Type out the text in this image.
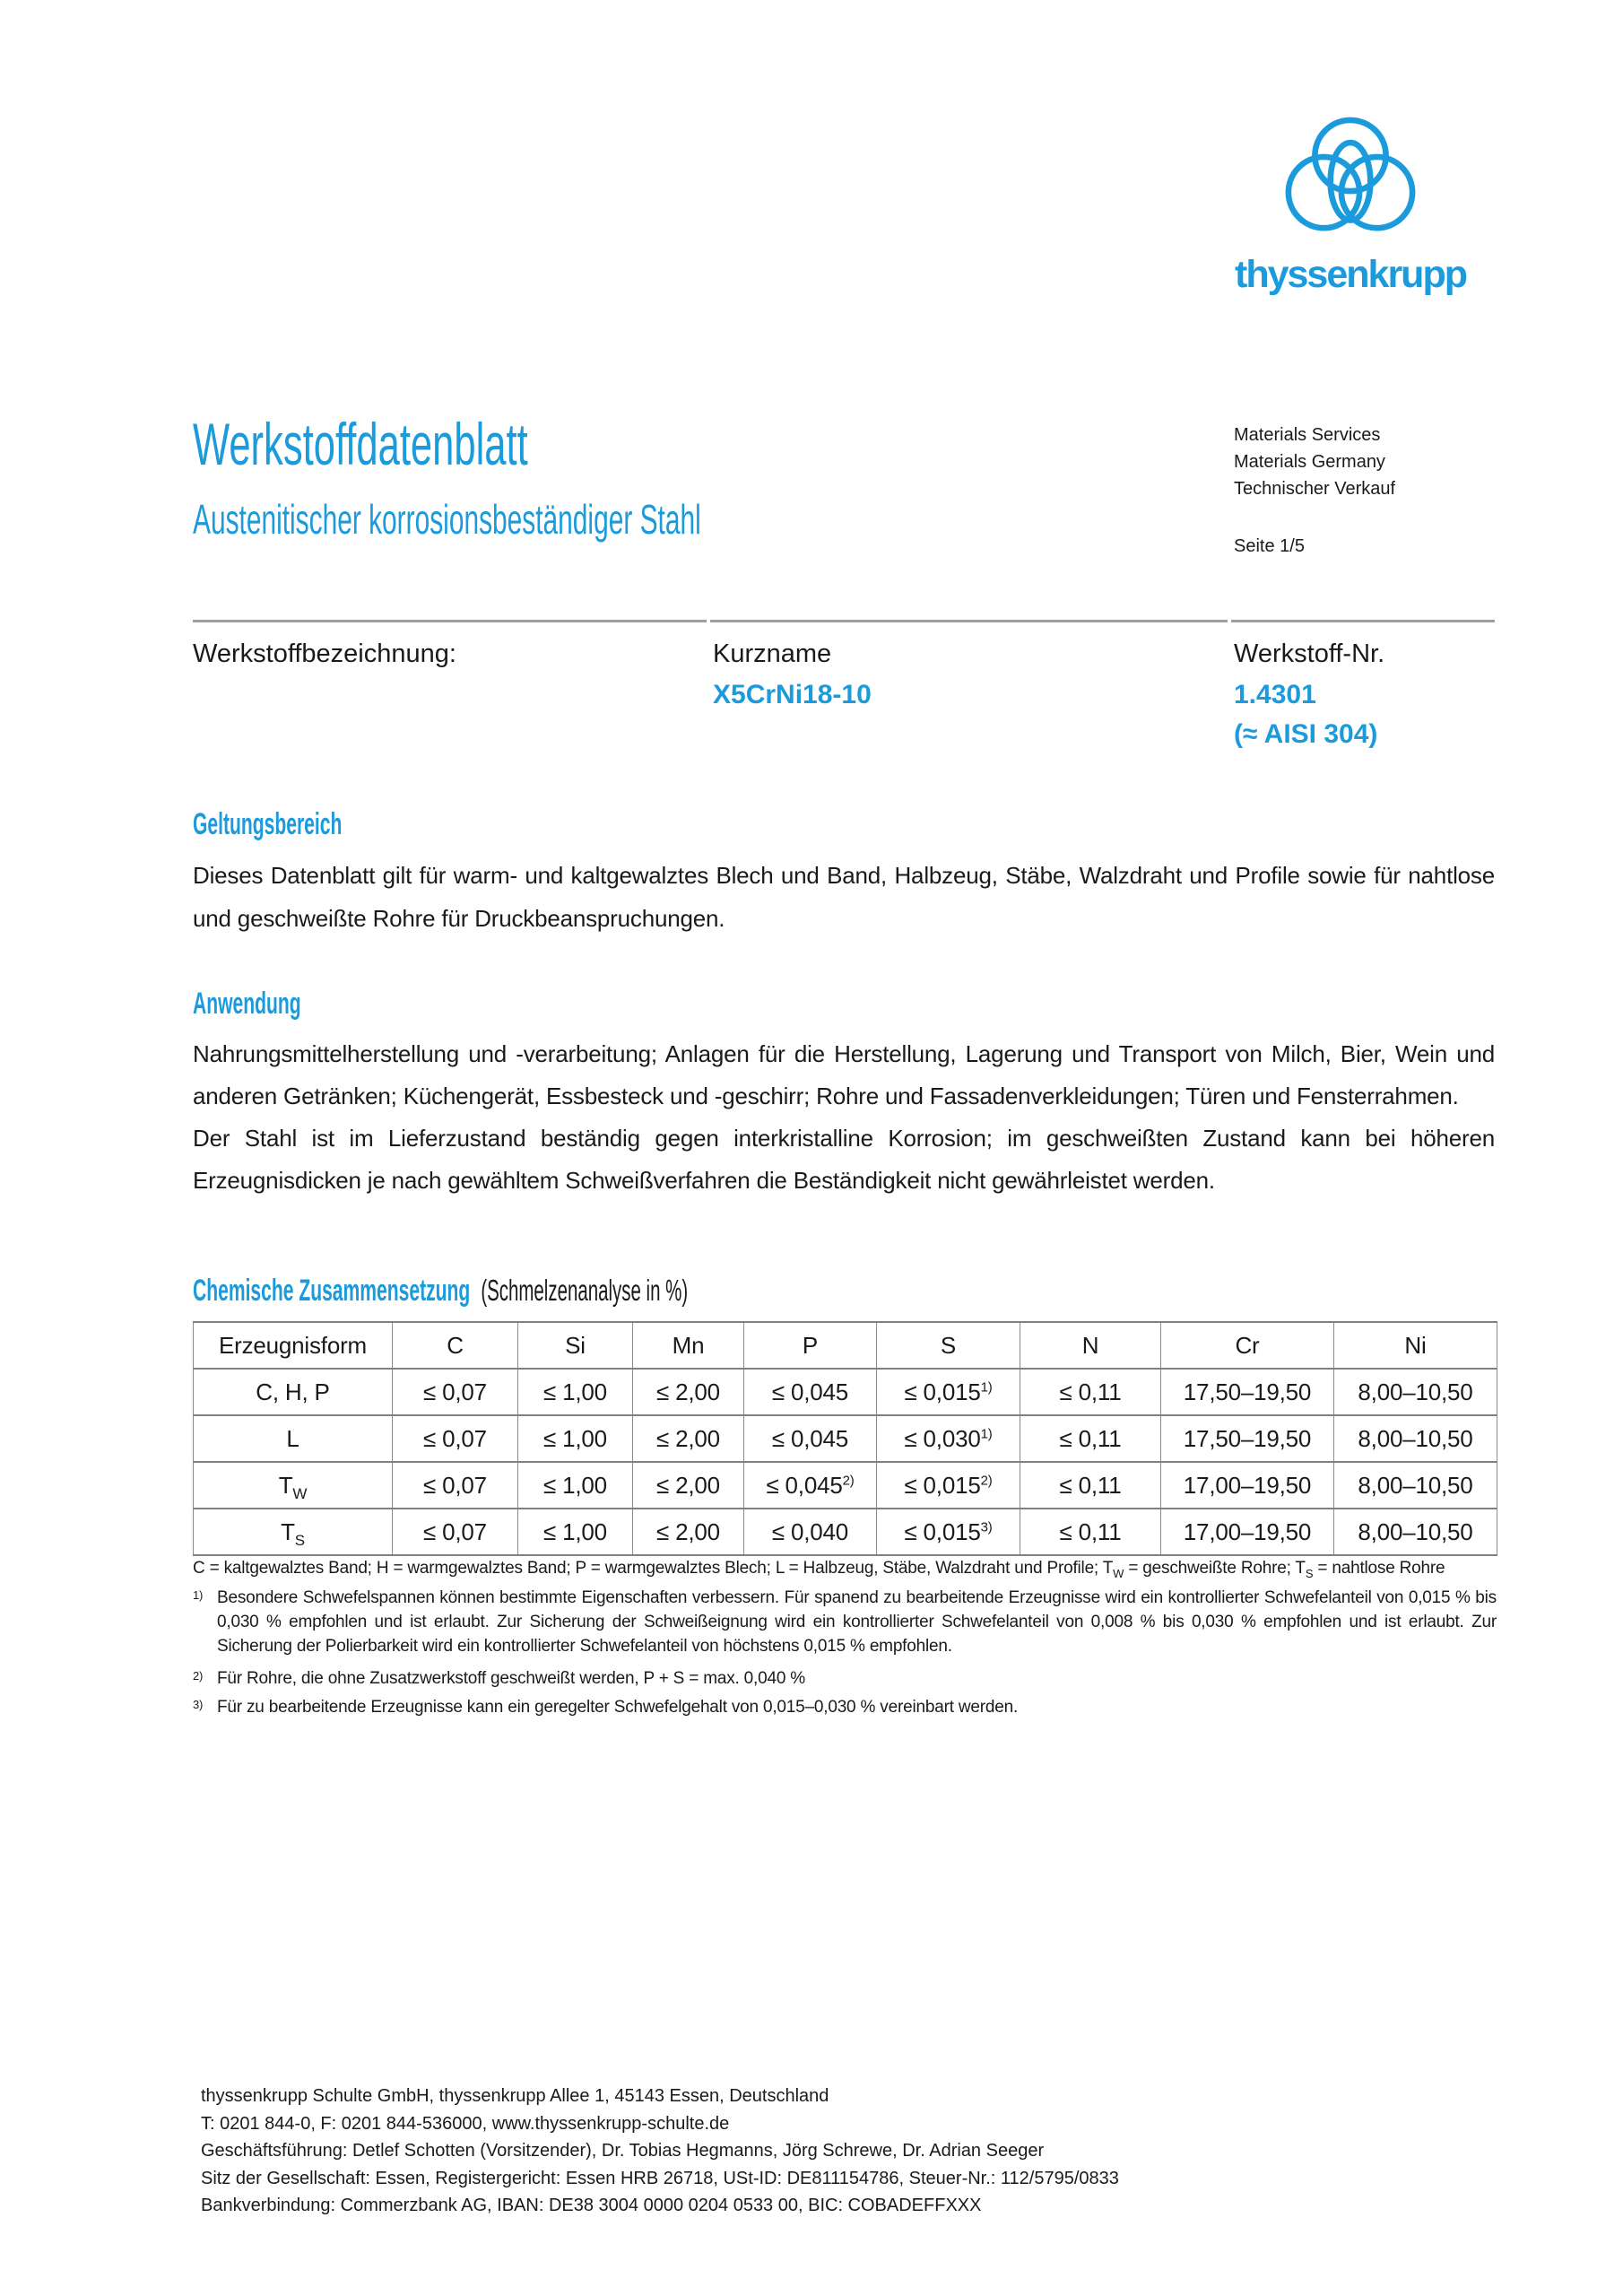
thyssenkrupp
Werkstoffdatenblatt
Austenitischer korrosionsbeständiger Stahl
Materials Services
Materials Germany
Technischer Verkauf
Seite 1/5
Werkstoffbezeichnung:	Kurzname
X5CrNi18-10
Werkstoff-Nr.
1.4301
(≈ AISI 304)
Geltungsbereich

Dieses Datenblatt gilt für warm- und kaltgewalztes Blech und Band, Halbzeug, Stäbe, Walzdraht und Profile sowie für nahtlose und geschweißte Rohre für Druckbeanspruchungen.

Anwendung

Nahrungsmittelherstellung und -verarbeitung; Anlagen für die Herstellung, Lagerung und Transport von Milch, Bier, Wein und anderen Getränken; Küchengerät, Essbesteck und -geschirr; Rohre und Fassadenverkleidungen; Türen und Fensterrahmen.

Der Stahl ist im Lieferzustand beständig gegen interkristalline Korrosion; im geschweißten Zustand kann bei höheren Erzeugnisdicken je nach gewähltem Schweißverfahren die Beständigkeit nicht gewährleistet werden.

Chemische Zusammensetzung (Schmelzenanalyse in %)
Erzeugnisform	C	Si	Mn	P	S	N	Cr	Ni
C, H, P	≤ 0,07	≤ 1,00	≤ 2,00	≤ 0,045	≤ $0,015^{1)}$	≤ 0,11	17,50–19,50	8,00–10,50
L	≤ 0,07	≤ 1,00	≤ 2,00	≤ 0,045	≤ $0,030^{1)}$	≤ 0,11	17,50–19,50	8,00–10,50
$T_W$	≤ 0,07	≤ 1,00	≤ 2,00	≤ $0,045^{2)}$	≤ $0,015^{2)}$	≤ 0,11	17,00–19,50	8,00–10,50
$T_S$	≤ 0,07	≤ 1,00	≤ 2,00	≤ 0,040	≤ $0,015^{3)}$	≤ 0,11	17,00–19,50	8,00–10,50
C = kaltgewalztes Band; H = warmgewalztes Band; P = warmgewalztes Blech; L = Halbzeug, Stäbe, Walzdraht und Profile; $T_W$ = geschweißte Rohre; $T_S$ = nahtlose Rohre
1) Besondere Schwefelspannen können bestimmte Eigenschaften verbessern. Für spanend zu bearbeitende Erzeugnisse wird ein kontrollierter Schwefelanteil von 0,015 % bis 0,030 % empfohlen und ist erlaubt. Zur Sicherung der Schweißeignung wird ein kontrollierter Schwefelanteil von 0,008 % bis 0,030 % empfohlen und ist erlaubt. Zur Sicherung der Polierbarkeit wird ein kontrollierter Schwefelanteil von höchstens 0,015 % empfohlen.
2) Für Rohre, die ohne Zusatzwerkstoff geschweißt werden, P + S = max. 0,040 %
3) Für zu bearbeitende Erzeugnisse kann ein geregelter Schwefelgehalt von 0,015–0,030 % vereinbart werden.
thyssenkrupp Schulte GmbH, thyssenkrupp Allee 1, 45143 Essen, Deutschland
T: 0201 844-0, F: 0201 844-536000, www.thyssenkrupp-schulte.de
Geschäftsführung: Detlef Schotten (Vorsitzender), Dr. Tobias Hegmanns, Jörg Schrewe, Dr. Adrian Seeger
Sitz der Gesellschaft: Essen, Registergericht: Essen HRB 26718, USt-ID: DE811154786, Steuer-Nr.: 112/5795/0833
Bankverbindung: Commerzbank AG, IBAN: DE38 3004 0000 0204 0533 00, BIC: COBADEFFXXX
